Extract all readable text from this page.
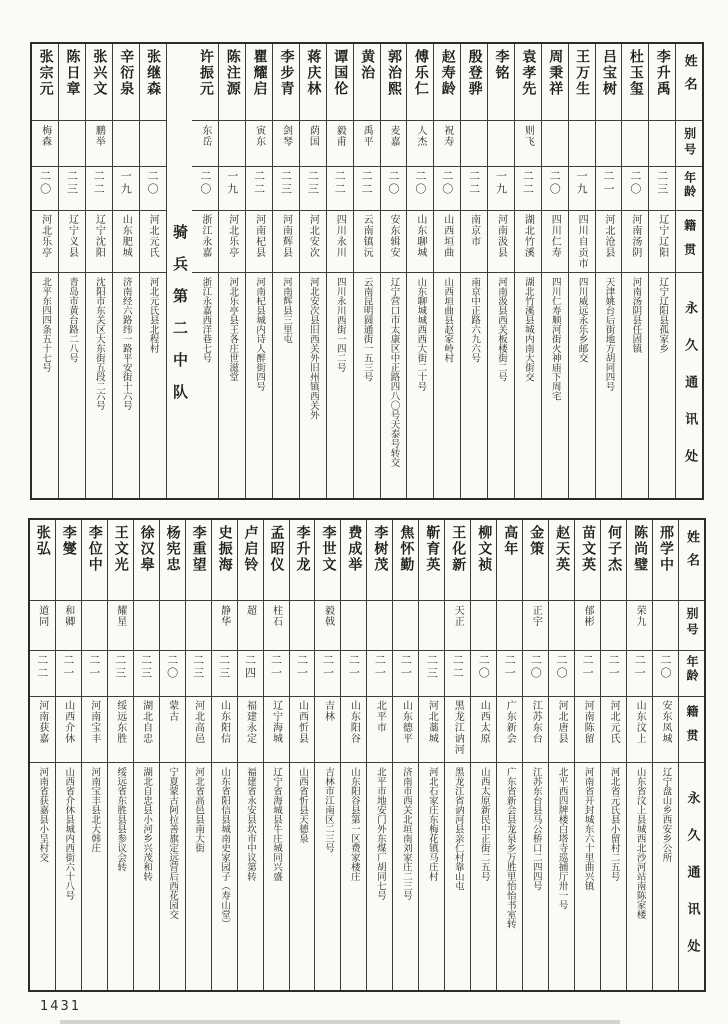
姓名
别号
年龄
籍贯
永久通讯处
李升禹
二三
辽宁辽阳
辽宁辽阳县孤家乡
杜玉玺
二〇
河南汤阴
河南汤阴县任固镇
吕宝树
二一
河北沧县
天津姚台后街地方胡同四号
王万生
一九
四川自贡市
四川威远永乐乡邮交
周秉祥
二〇
四川仁寿
四川仁寿顺河街火神庙下周宅
袁孝先
则飞
二二
湖北竹溪
湖北竹溪县城内南大街交
李铭
一九
河南汲县
河南汲县西关板楼街二号
殷登骅
二二
南京市
南京中正路六九六号
赵寿龄
祝寿
二〇
山西垣曲
山西垣曲县赵家岭村
傅乐仁
人杰
二〇
山东聊城
山东聊城城西西大街二十号
郭治熙
麦嘉
二〇
安东辑安
辽宁营口市太康区中正路四八〇号天泰号转交
黄治
禹平
二二
云南镇沅
云南昆明圆通街一五三号
谭国伦
毅甫
二二
四川永川
四川永川西街一四二号
蒋庆林
荫国
二三
河北安次
河北安次县旧西关外旧州镇西关外
李步青
剑琴
二三
河南辉县
河南辉县三里屯
瞿耀启
寅东
二二
河南杞县
河南杞县城内诗人醉街四号
陈注源
一九
河北乐亭
河北乐亭县王各庄世滋堂
许振元
东岳
二〇
浙江永嘉
浙江永嘉西洋巷七号
骑兵第二中队
张继森
二〇
河北元氏
河北元氏县北程村
辛衍泉
一九
山东肥城
济南经六路纬一路平安街十六号
张兴文
鹏举
二二
辽宁沈阳
沈阳市东关区大东街五段二六号
陈日章
二三
辽宁义县
青岛市黄台路二八号
张宗元
梅森
二〇
河北乐亭
北平东四四条五十七号
姓名
别号
年龄
籍贯
永久通讯处
邢学中
二〇
安东凤城
辽宁盘山乡西安乡公所
陈尚璧
荣九
二一
山东汶上
山东省汶上县城西北沙河站南陈家楼
何子杰
二一
河北元氏
河北省元氏县小留村二五号
苗文英
郁彬
二一
河南陈留
河南省开封城东六十里曲兴镇
赵天英
二〇
河北唐县
北平西四牌楼白塔寺巡捕厅卅一号
金策
正宇
二〇
江苏东台
江苏东台县马公桥口二四四号
高年
二一
广东新会
广东省新会县龙泉乡万胜里怡怡书室转
柳文祯
二〇
山西太原
山西太原新民中正街二五号
王化新
天正
二二
黑龙江讷河
黑龙江省讷河县亲仁村靠山屯
靳育英
二三
河北藁城
河北石家庄东梅花镇马庄村
焦怀勤
二一
山东德平
济南市西关北垣南刘家庄二三号
李树茂
二一
北平市
北平市地安门外东煤厂胡同七号
费成举
二一
山东阳谷
山东阳谷县第一区费家楼庄
李世文
毅戟
二一
吉林
吉林市江南区二三号
李升龙
二一
山西忻县
山西省忻县天德泉
孟昭仪
柱石
二一
辽宁海城
辽宁省海城县牛庄城同兴盛
卢启铃
超
二四
福建永定
福建省永安县坎市中议第转
史振海
静华
二三
山东阳信
山东省阳信县城南史家园子（寿山堂）
李重望
二三
河北高邑
河北省高邑县南大街
杨宪忠
二〇
蒙古
宁夏蒙古阿拉善旗定远营后西花园交
徐汉皋
二三
湖北自忠
湖北自忠县小河乡兴茂和转
王文光
耀星
二三
绥远东胜
绥远省东胜县县参议会转
李位中
二一
河南宝丰
河南宝丰县北大韩庄
李燮
和卿
二一
山西介休
山西省介休县城内西街六十八号
张弘
道同
二二
河南获嘉
河南省获嘉县小呈村交
1431
